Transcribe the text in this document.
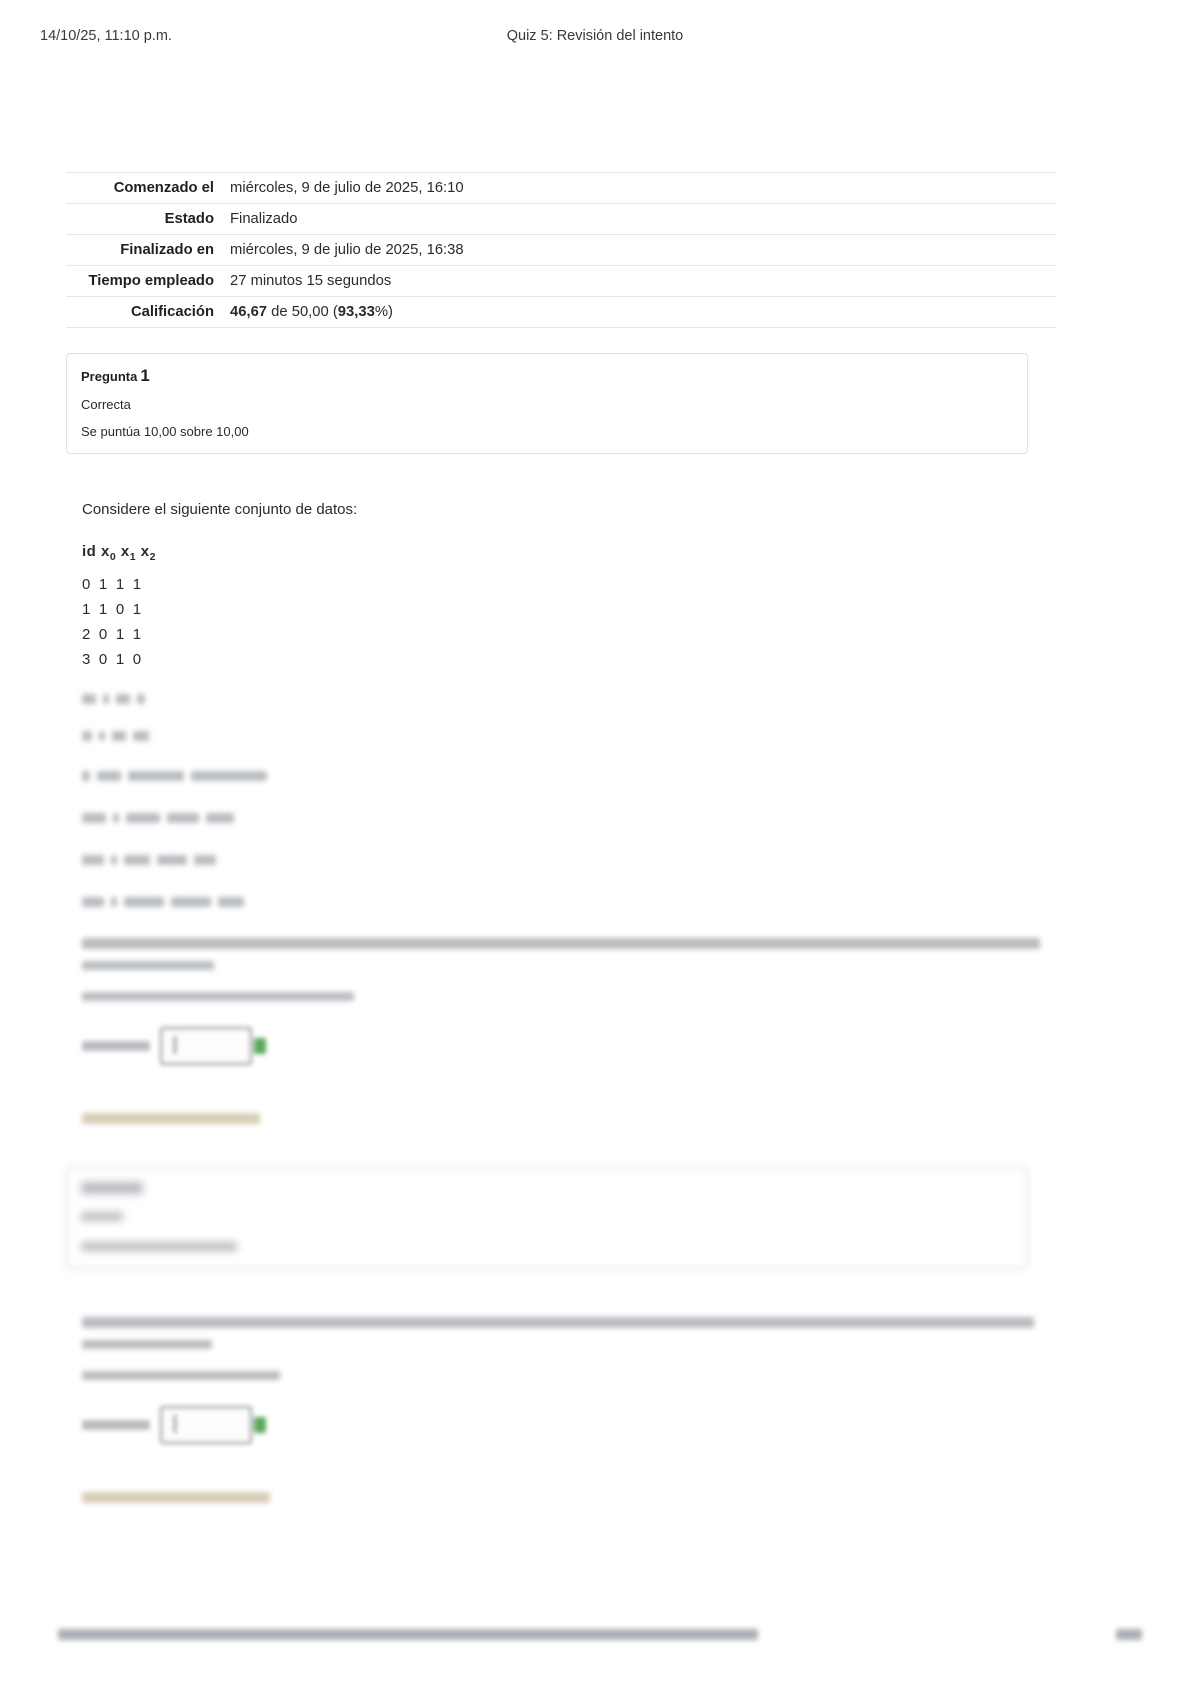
14/10/25, 11:10 p.m.	Quiz 5: Revisión del intento
Comenzado el	miércoles, 9 de julio de 2025, 16:10
Estado	Finalizado
Finalizado en	miércoles, 9 de julio de 2025, 16:38
Tiempo empleado	27 minutos 15 segundos
Calificación	46,67 de 50,00 (93,33%)
Pregunta 1
Correcta
Se puntúa 10,00 sobre 10,00

Considere el siguiente conjunto de datos:

id $x_0$ $x_1$ $x_2$
0 1 1 1
1 1 0 1
2 0 1 1
3 0 1 0
